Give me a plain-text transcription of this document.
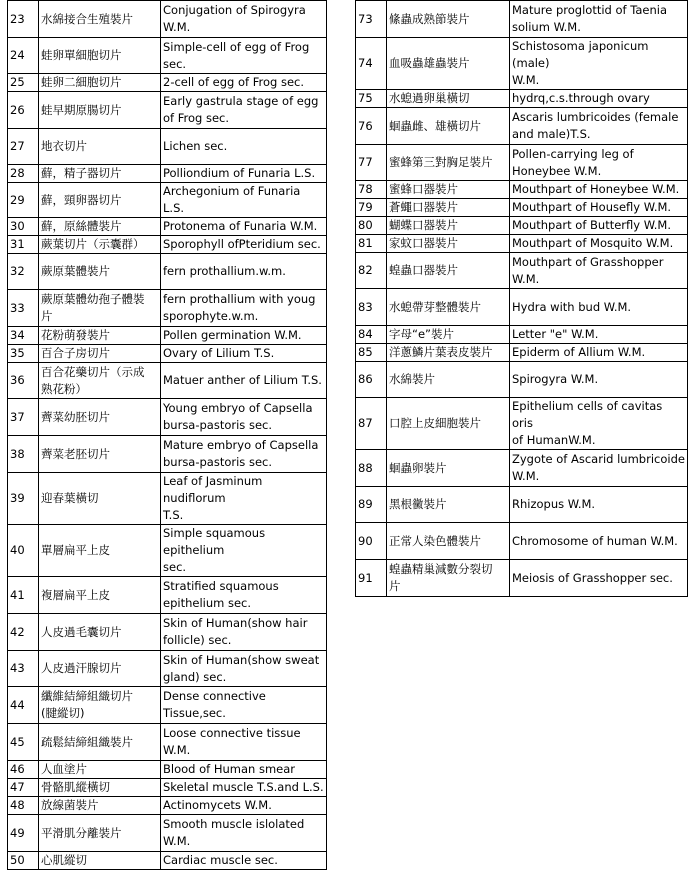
23	水綿接合生殖裝片	Conjugation of Spirogyra
W.M.

24	蛙卵單細胞切片	Simple-cell of egg of Frog
sec.

25	蛙卵二細胞切片	2-cell of egg of Frog sec.

26	蛙早期原腸切片	Early gastrula stage of egg
of Frog sec.

27	地衣切片	Lichen sec.

28	蘚，精子器切片	Polliondium of Funaria L.S.

29	蘚，頸卵器切片	Archegonium of Funaria L.S.

30	蘚，原絲體裝片	Protonema of Funaria W.M.

31	蕨葉切片（示囊群）	Sporophyll ofPteridium sec.

32	蕨原葉體裝片	fern prothallium.w.m.

33	蕨原葉體幼孢子體裝
片	fern prothallium with youg
sporophyte.w.m.

34	花粉萌發裝片	Pollen germination W.M.

35	百合子房切片	Ovary of Lilium T.S.

36	百合花藥切片（示成
熟花粉）	Matuer anther of Lilium T.S.

37	薺菜幼胚切片	Young embryo of Capsella
bursa-pastoris sec.

38	薺菜老胚切片	Mature embryo of Capsella
bursa-pastoris sec.

39	迎春葉橫切	Leaf of Jasminum nudiflorum
T.S.

40	單層扁平上皮	Simple squamous epithelium
sec.

41	複層扁平上皮	Stratified squamous
epithelium sec.

42	人皮過毛囊切片	Skin of Human(show hair
follicle) sec.

43	人皮過汗腺切片	Skin of Human(show sweat
gland) sec.

44	纖維結締組織切片
(腱縱切)	Dense connective
Tissue,sec.

45	疏鬆結締組織裝片	Loose connective tissue
W.M.

46	人血塗片	Blood of Human smear

47	骨骼肌縱橫切	Skeletal muscle T.S.and L.S.

48	放線菌裝片	Actinomycets W.M.

49	平滑肌分離裝片	Smooth muscle islolated
W.M.

50	心肌縱切	Cardiac muscle sec.
73	絛蟲成熟節裝片	Mature proglottid of Taenia
solium W.M.

74	血吸蟲雄蟲裝片	Schistosoma japonicum (male)
W.M.

75	水螅過卵巢橫切	hydrq,c.s.through ovary

76	蛔蟲雌、雄橫切片	Ascaris lumbricoides (female
and male)T.S.

77	蜜蜂第三對胸足裝片	Pollen-carrying leg of
Honeybee W.M.

78	蜜蜂口器裝片	Mouthpart of Honeybee W.M.

79	蒼蠅口器裝片	Mouthpart of Housefly W.M.

80	蝴蝶口器裝片	Mouthpart of Butterfly W.M.

81	家蚊口器裝片	Mouthpart of Mosquito W.M.

82	蝗蟲口器裝片	Mouthpart of Grasshopper
W.M.

83	水螅帶芽整體裝片	Hydra with bud W.M.

84	字母“e”裝片	Letter "e" W.M.

85	洋蔥鱗片葉表皮裝片	Epiderm of Allium W.M.

86	水綿裝片	Spirogyra W.M.

87	口腔上皮細胞裝片	Epithelium cells of cavitas oris
of HumanW.M.

88	蛔蟲卵裝片	Zygote of Ascarid lumbricoide
W.M.

89	黑根黴裝片	Rhizopus W.M.

90	正常人染色體裝片	Chromosome of human W.M.

91	蝗蟲精巢減數分裂切
片	Meiosis of Grasshopper sec.
